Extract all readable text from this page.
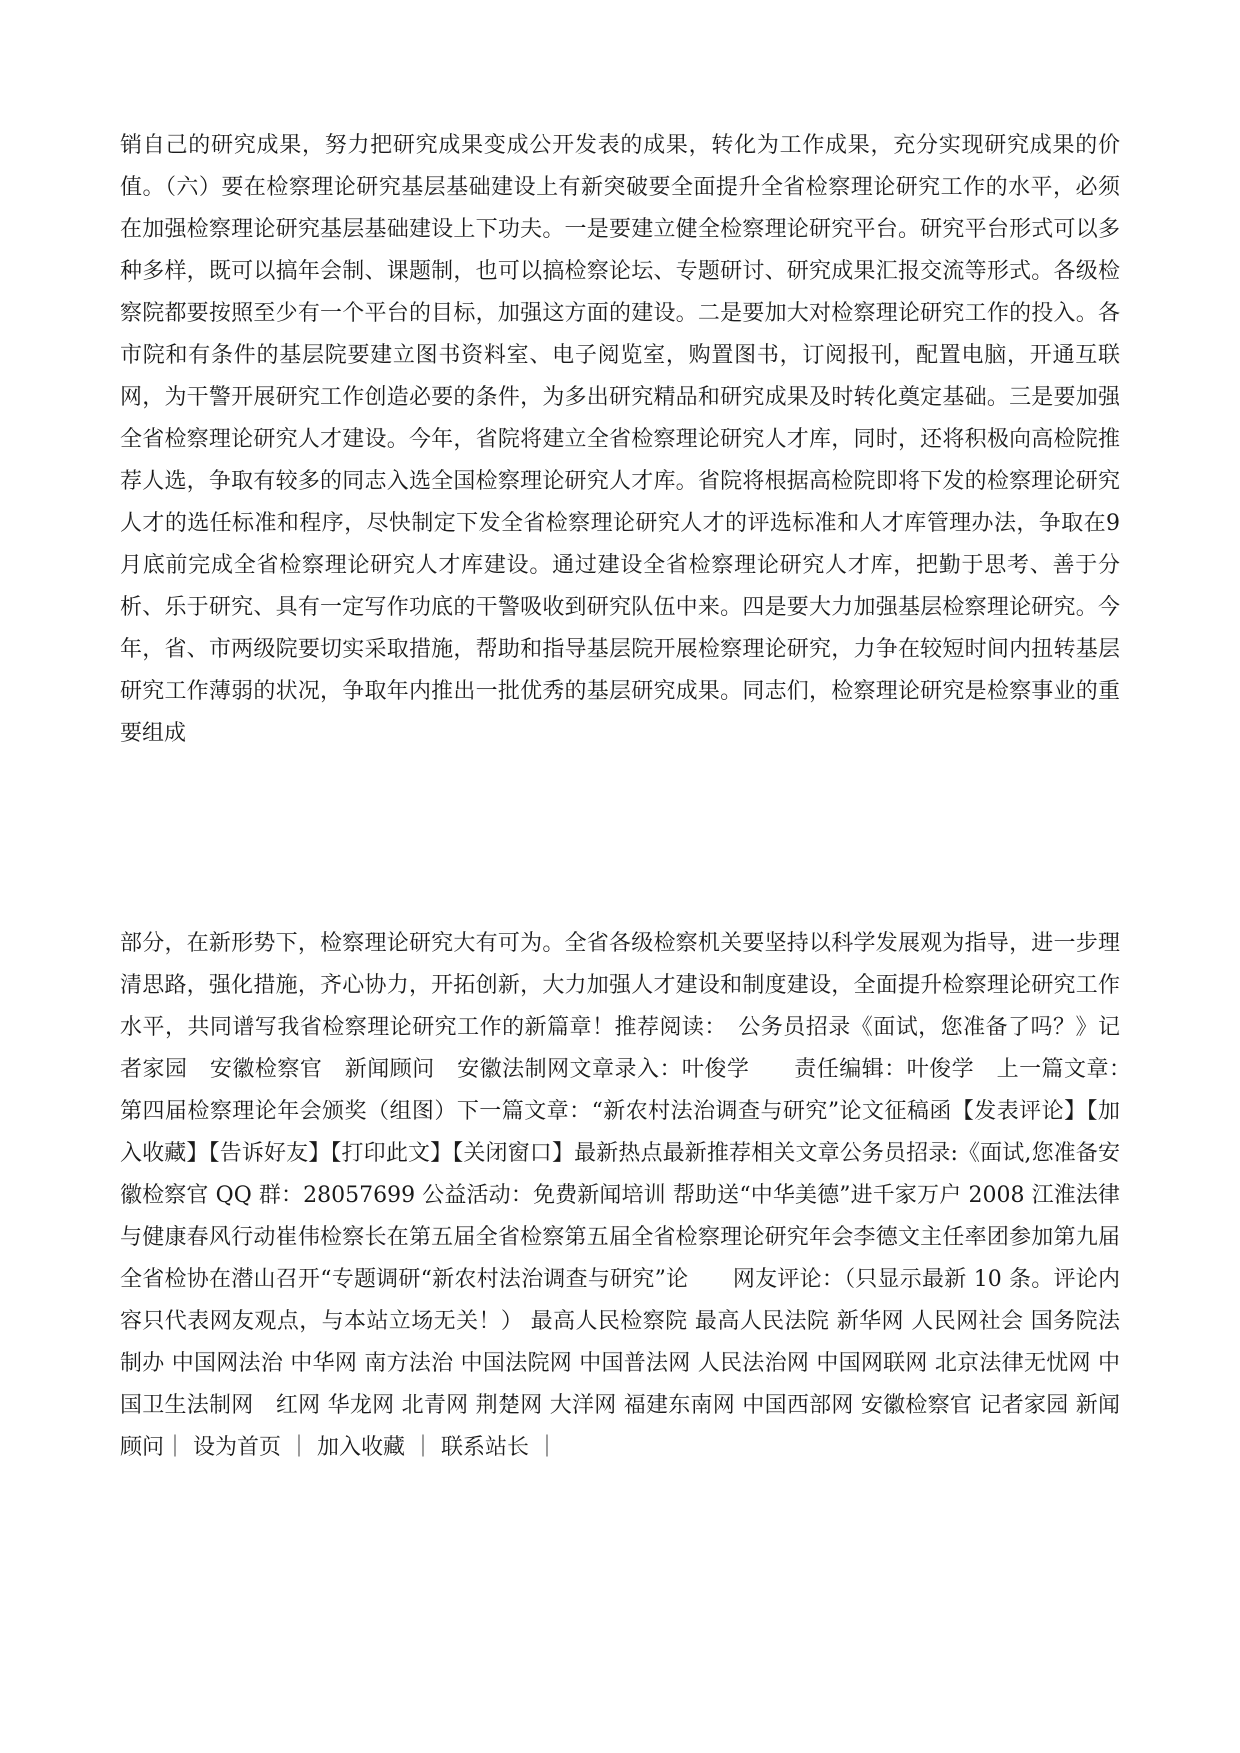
销自己的研究成果，努力把研究成果变成公开发表的成果，转化为工作成果，充分实现研究成果的价值。（六）要在检察理论研究基层基础建设上有新突破要全面提升全省检察理论研究工作的水平，必须在加强检察理论研究基层基础建设上下功夫。一是要建立健全检察理论研究平台。研究平台形式可以多种多样，既可以搞年会制、课题制，也可以搞检察论坛、专题研讨、研究成果汇报交流等形式。各级检察院都要按照至少有一个平台的目标，加强这方面的建设。二是要加大对检察理论研究工作的投入。各市院和有条件的基层院要建立图书资料室、电子阅览室，购置图书，订阅报刊，配置电脑，开通互联网，为干警开展研究工作创造必要的条件，为多出研究精品和研究成果及时转化奠定基础。三是要加强全省检察理论研究人才建设。今年，省院将建立全省检察理论研究人才库，同时，还将积极向高检院推荐人选，争取有较多的同志入选全国检察理论研究人才库。省院将根据高检院即将下发的检察理论研究人才的选任标准和程序，尽快制定下发全省检察理论研究人才的评选标准和人才库管理办法，争取在9月底前完成全省检察理论研究人才库建设。通过建设全省检察理论研究人才库，把勤于思考、善于分析、乐于研究、具有一定写作功底的干警吸收到研究队伍中来。四是要大力加强基层检察理论研究。今年，省、市两级院要切实采取措施，帮助和指导基层院开展检察理论研究，力争在较短时间内扭转基层研究工作薄弱的状况，争取年内推出一批优秀的基层研究成果。同志们，检察理论研究是检察事业的重要组成

部分，在新形势下，检察理论研究大有可为。全省各级检察机关要坚持以科学发展观为指导，进一步理清思路，强化措施，齐心协力，开拓创新，大力加强人才建设和制度建设，全面提升检察理论研究工作水平，共同谱写我省检察理论研究工作的新篇章！推荐阅读：　公务员招录《面试，您准备了吗？》记者家园　安徽检察官　新闻顾问　安徽法制网文章录入：叶俊学　　责任编辑：叶俊学　上一篇文章：　第四届检察理论年会颁奖（组图）下一篇文章：“新农村法治调查与研究”论文征稿函【发表评论】【加入收藏】【告诉好友】【打印此文】【关闭窗口】最新热点最新推荐相关文章公务员招录:《面试,您准备安徽检察官 QQ 群：28057699 公益活动：免费新闻培训 帮助送“中华美德”进千家万户 2008 江淮法律与健康春风行动崔伟检察长在第五届全省检察第五届全省检察理论研究年会李德文主任率团参加第九届全省检协在潜山召开“专题调研“新农村法治调查与研究”论　　网友评论：（只显示最新 10 条。评论内容只代表网友观点，与本站立场无关！） 最高人民检察院 最高人民法院 新华网 人民网社会 国务院法制办 中国网法治 中华网 南方法治 中国法院网 中国普法网 人民法治网 中国网联网 北京法律无忧网 中国卫生法制网　红网 华龙网 北青网 荆楚网 大洋网 福建东南网 中国西部网 安徽检察官 记者家园 新闻顾问｜ 设为首页 ｜ 加入收藏 ｜ 联系站长 ｜
